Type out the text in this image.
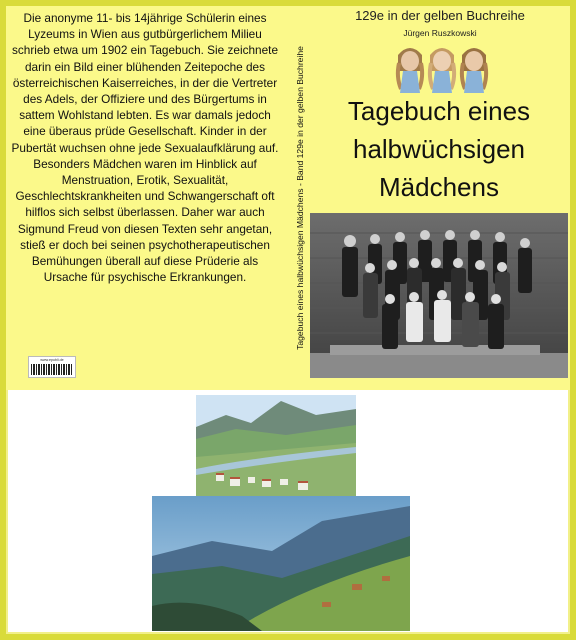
Die anonyme 11- bis 14jährige Schülerin eines Lyzeums in Wien aus gutbürgerlichem Milieu schrieb etwa um 1902 ein Tagebuch. Sie zeichnete darin ein Bild einer blühenden Zeitepoche des österreichischen Kaiserreiches, in der die Vertreter des Adels, der Offiziere und des Bürgertums in sattem Wohlstand lebten. Es war damals jedoch eine überaus prüde Gesellschaft. Kinder in der Pubertät wuchsen ohne jede Sexualaufklärung auf. Besonders Mädchen waren im Hinblick auf Menstruation, Erotik, Sexualität, Geschlechtskrankheiten und Schwangerschaft oft hilflos sich selbst überlassen. Daher war auch Sigmund Freud von diesen Texten sehr angetan, stieß er doch bei seinen psychotherapeutischen Bemühungen überall auf diese Prüderie als Ursache für psychische Erkrankungen.
www.epubli.de
Tagebuch eines halbwüchsigen Mädchens - Band 129e in der gelben Buchreihe
129e in der gelben Buchreihe
Jürgen Ruszkowski
Tagebuch eines
halbwüchsigen
Mädchens
